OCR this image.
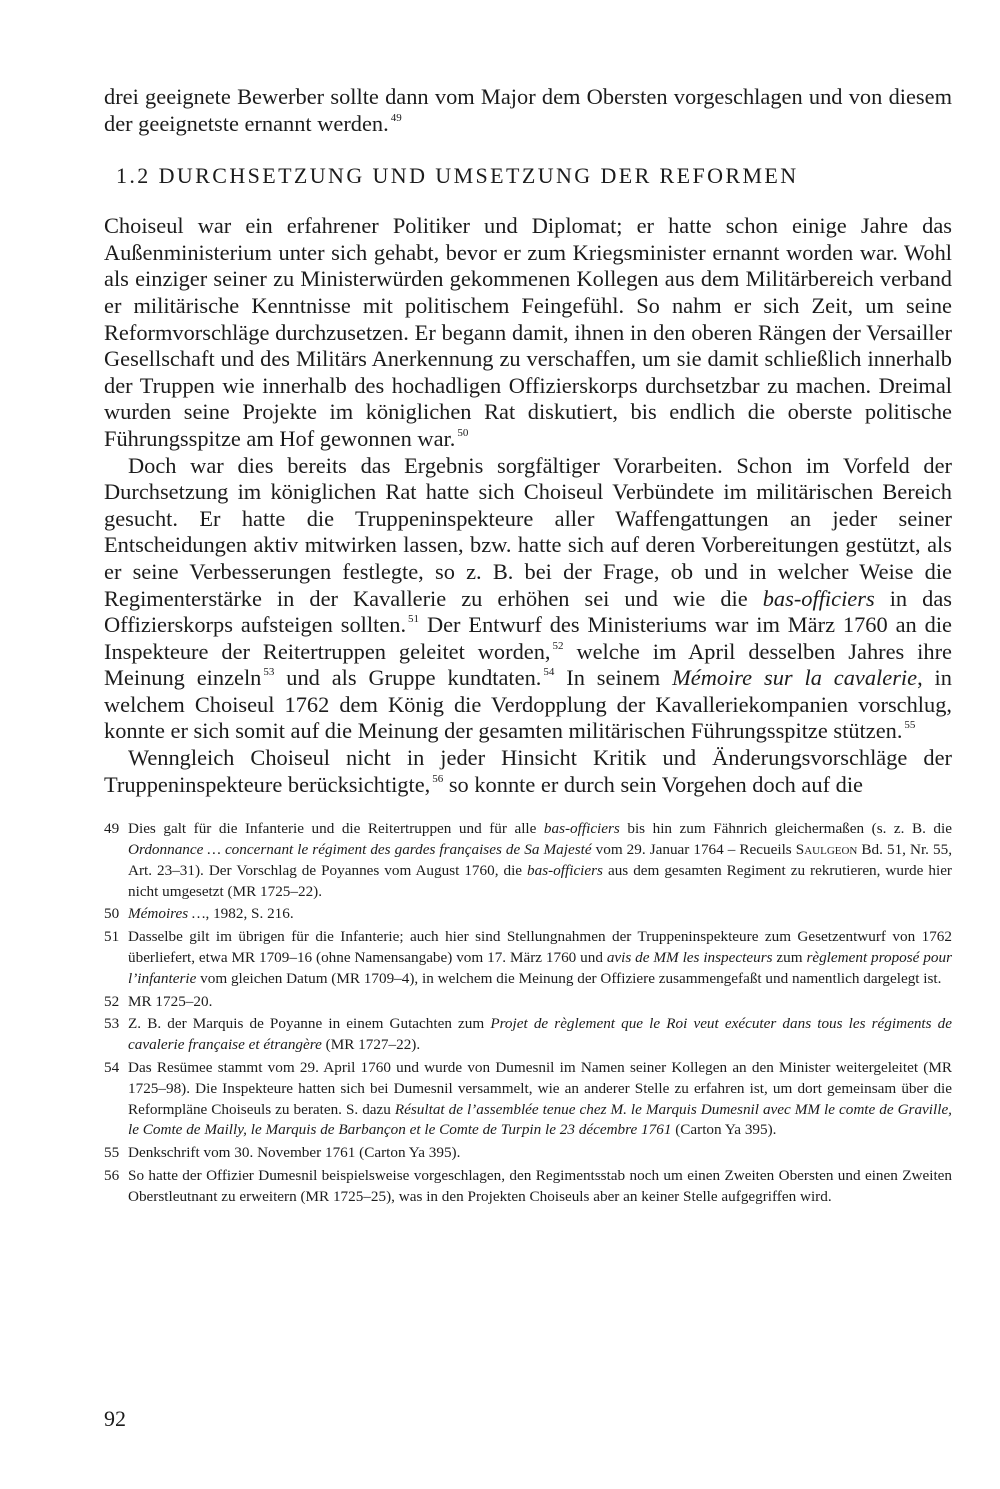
drei geeignete Bewerber sollte dann vom Major dem Obersten vorgeschlagen und von diesem der geeignetste ernannt werden. $^{49}$

1.2 DURCHSETZUNG UND UMSETZUNG DER REFORMEN

Choiseul war ein erfahrener Politiker und Diplomat; er hatte schon einige Jahre das Außenministerium unter sich gehabt, bevor er zum Kriegsminister ernannt worden war. Wohl als einziger seiner zu Ministerwürden gekommenen Kollegen aus dem Militärbereich verband er militärische Kenntnisse mit politischem Feingefühl. So nahm er sich Zeit, um seine Reformvorschläge durchzusetzen. Er begann damit, ihnen in den oberen Rängen der Versailler Gesellschaft und des Militärs Anerkennung zu verschaffen, um sie damit schließlich innerhalb der Truppen wie innerhalb des hochadligen Offizierskorps durchsetzbar zu machen. Dreimal wurden seine Projekte im königlichen Rat diskutiert, bis endlich die oberste politische Führungsspitze am Hof gewonnen war. $^{50}$

Doch war dies bereits das Ergebnis sorgfältiger Vorarbeiten. Schon im Vorfeld der Durchsetzung im königlichen Rat hatte sich Choiseul Verbündete im militärischen Bereich gesucht. Er hatte die Truppeninspekteure aller Waffengattungen an jeder seiner Entscheidungen aktiv mitwirken lassen, bzw. hatte sich auf deren Vorbereitungen gestützt, als er seine Verbesserungen festlegte, so z. B. bei der Frage, ob und in welcher Weise die Regimenterstärke in der Kavallerie zu erhöhen sei und wie die bas-officiers in das Offizierskorps aufsteigen sollten. $^{51}$ Der Entwurf des Ministeriums war im März 1760 an die Inspekteure der Reitertruppen geleitet worden, $^{52}$ welche im April desselben Jahres ihre Meinung einzeln $^{53}$ und als Gruppe kundtaten. $^{54}$ In seinem Mémoire sur la cavalerie, in welchem Choiseul 1762 dem König die Verdopplung der Kavalleriekompanien vorschlug, konnte er sich somit auf die Meinung der gesamten militärischen Führungsspitze stützen. $^{55}$

Wenngleich Choiseul nicht in jeder Hinsicht Kritik und Änderungsvorschläge der Truppeninspekteure berücksichtigte, $^{56}$ so konnte er durch sein Vorgehen doch auf die

49 Dies galt für die Infanterie und die Reitertruppen und für alle bas-officiers bis hin zum Fähnrich gleichermaßen (s. z. B. die Ordonnance … concernant le régiment des gardes françaises de Sa Majesté vom 29. Januar 1764 – Recueils Saulgeon Bd. 51, Nr. 55, Art. 23–31). Der Vorschlag de Poyannes vom August 1760, die bas-officiers aus dem gesamten Regiment zu rekrutieren, wurde hier nicht umgesetzt (MR 1725–22).
50 Mémoires …, 1982, S. 216.
51 Dasselbe gilt im übrigen für die Infanterie; auch hier sind Stellungnahmen der Truppeninspekteure zum Gesetzentwurf von 1762 überliefert, etwa MR 1709–16 (ohne Namensangabe) vom 17. März 1760 und avis de MM les inspecteurs zum règlement proposé pour l’infanterie vom gleichen Datum (MR 1709–4), in welchem die Meinung der Offiziere zusammengefaßt und namentlich dargelegt ist.
52 MR 1725–20.
53 Z. B. der Marquis de Poyanne in einem Gutachten zum Projet de règlement que le Roi veut exécuter dans tous les régiments de cavalerie française et étrangère (MR 1727–22).
54 Das Resümee stammt vom 29. April 1760 und wurde von Dumesnil im Namen seiner Kollegen an den Minister weitergeleitet (MR 1725–98). Die Inspekteure hatten sich bei Dumesnil versammelt, wie an anderer Stelle zu erfahren ist, um dort gemeinsam über die Reformpläne Choiseuls zu beraten. S. dazu Résultat de l’assemblée tenue chez M. le Marquis Dumesnil avec MM le comte de Graville, le Comte de Mailly, le Marquis de Barbançon et le Comte de Turpin le 23 décembre 1761 (Carton Ya 395).
55 Denkschrift vom 30. November 1761 (Carton Ya 395).
56 So hatte der Offizier Dumesnil beispielsweise vorgeschlagen, den Regimentsstab noch um einen Zweiten Obersten und einen Zweiten Oberstleutnant zu erweitern (MR 1725–25), was in den Projekten Choiseuls aber an keiner Stelle aufgegriffen wird.
92
